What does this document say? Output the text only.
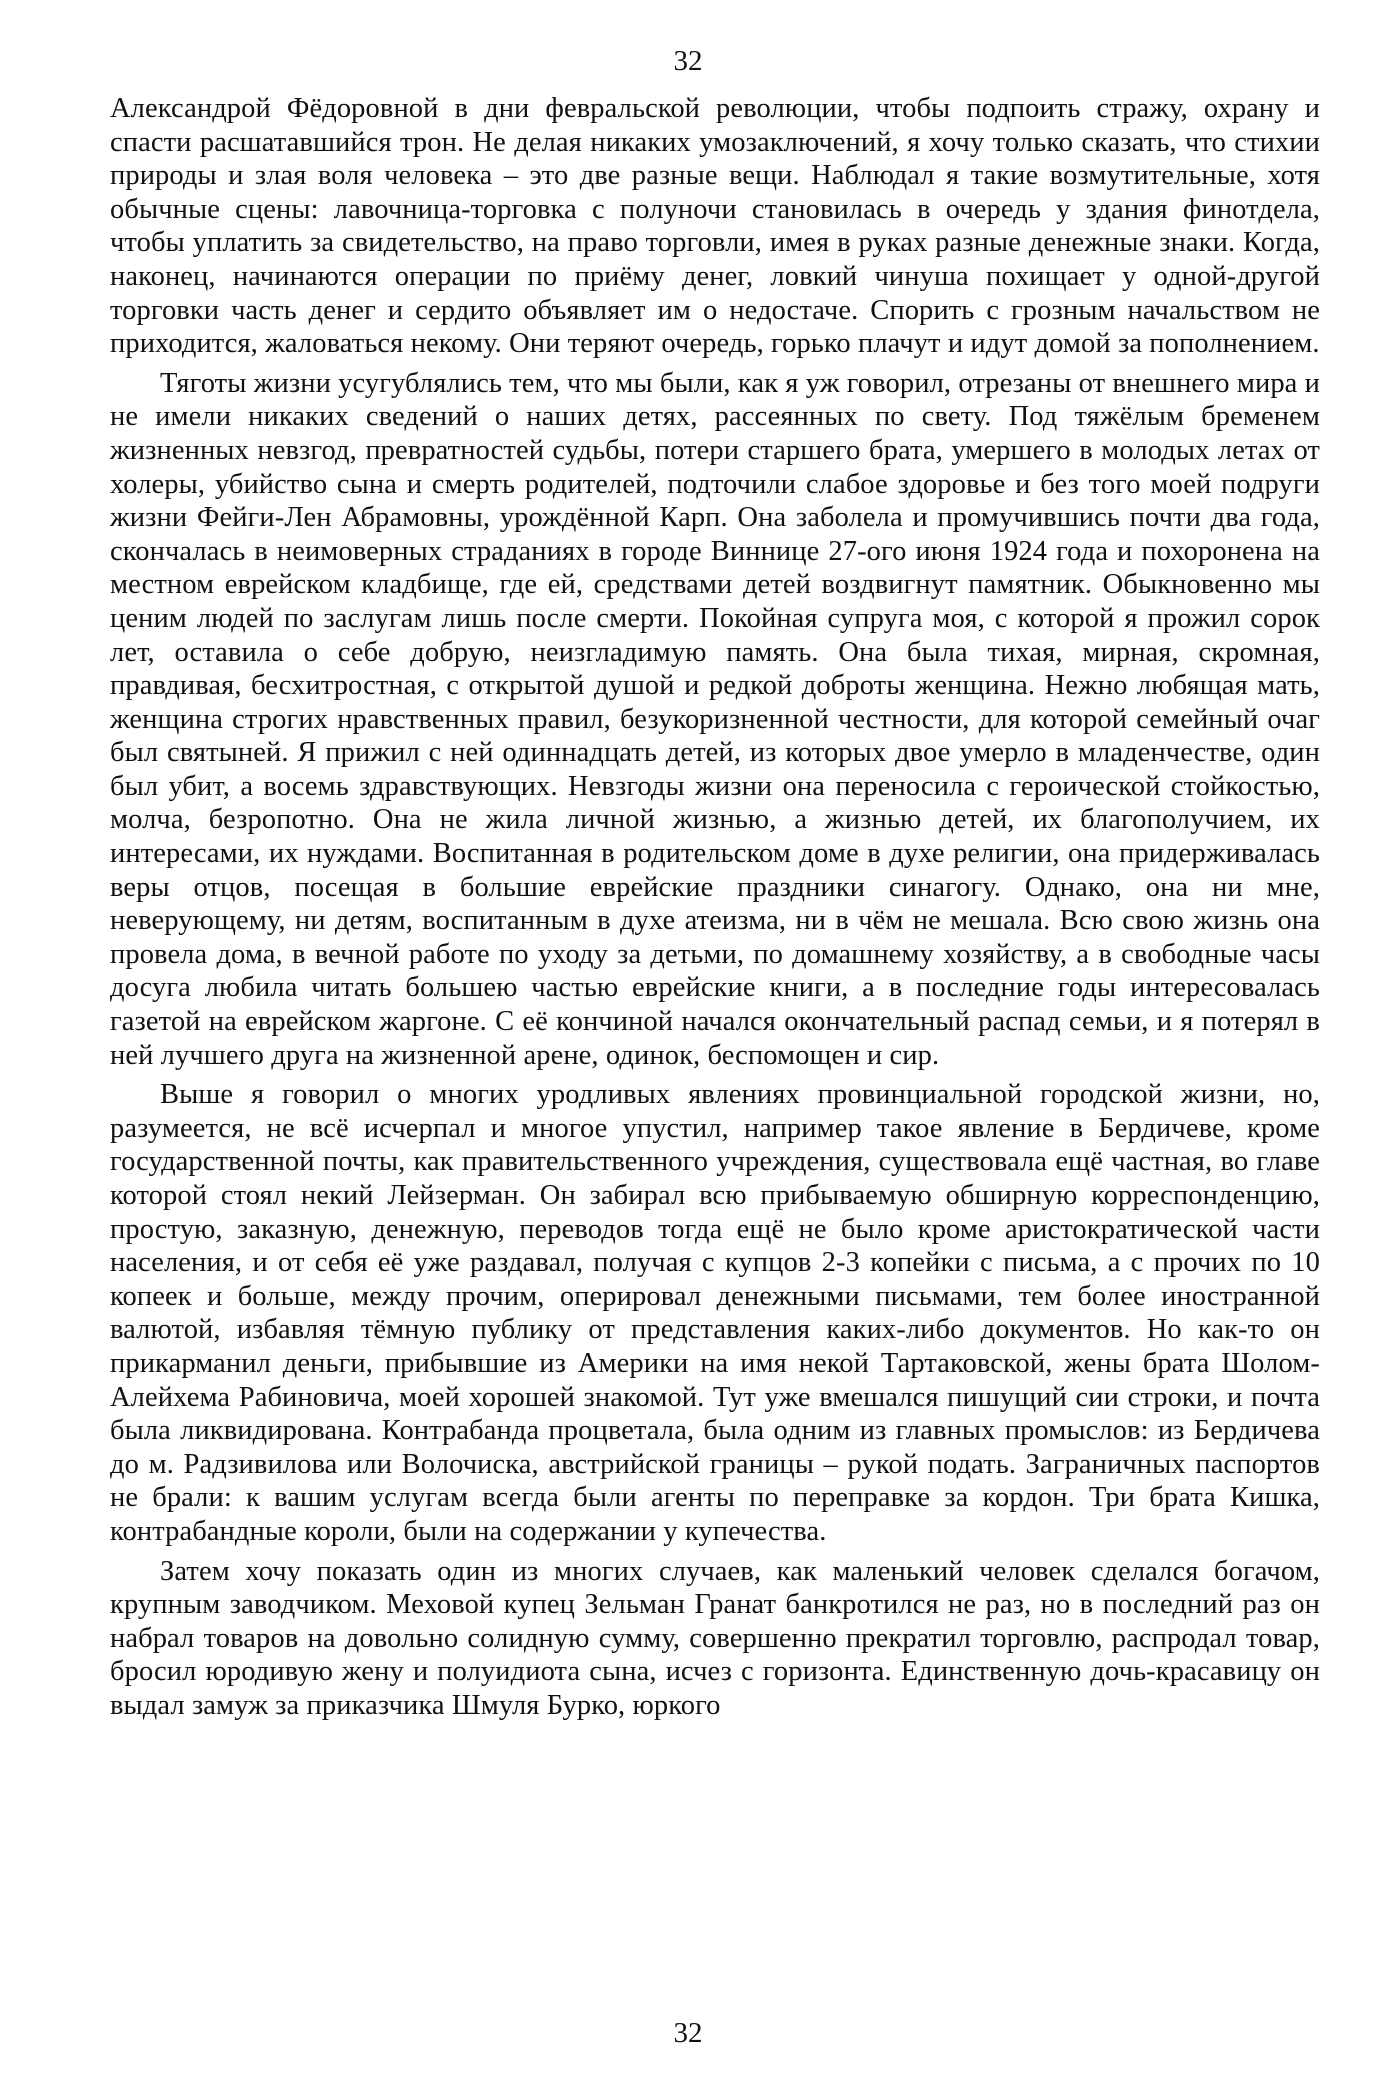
32

Александрой Фёдоровной в дни февральской революции, чтобы подпоить стражу, охрану и спасти расшатавшийся трон. Не делая никаких умозаключений, я хочу только сказать, что стихии природы и злая воля человека – это две разные вещи. Наблюдал я такие возмутительные, хотя обычные сцены: лавочница-торговка с полуночи становилась в очередь у здания финотдела, чтобы уплатить за свидетельство, на право торговли, имея в руках разные денежные знаки. Когда, наконец, начинаются операции по приёму денег, ловкий чинуша похищает у одной-другой торговки часть денег и сердито объявляет им о недостаче. Спорить с грозным начальством не приходится, жаловаться некому. Они теряют очередь, горько плачут и идут домой за пополнением.

Тяготы жизни усугублялись тем, что мы были, как я уж говорил, отрезаны от внешнего мира и не имели никаких сведений о наших детях, рассеянных по свету. Под тяжёлым бременем жизненных невзгод, превратностей судьбы, потери старшего брата, умершего в молодых летах от холеры, убийство сына и смерть родителей, подточили слабое здоровье и без того моей подруги жизни Фейги-Лен Абрамовны, урождённой Карп. Она заболела и промучившись почти два года, скончалась в неимоверных страданиях в городе Виннице 27-ого июня 1924 года и похоронена на местном еврейском кладбище, где ей, средствами детей воздвигнут памятник. Обыкновенно мы ценим людей по заслугам лишь после смерти. Покойная супруга моя, с которой я прожил сорок лет, оставила о себе добрую, неизгладимую память. Она была тихая, мирная, скромная, правдивая, бесхитростная, с открытой душой и редкой доброты женщина. Нежно любящая мать, женщина строгих нравственных правил, безукоризненной честности, для которой семейный очаг был святыней. Я прижил с ней одиннадцать детей, из которых двое умерло в младенчестве, один был убит, а восемь здравствующих. Невзгоды жизни она переносила с героической стойкостью, молча, безропотно. Она не жила личной жизнью, а жизнью детей, их благополучием, их интересами, их нуждами. Воспитанная в родительском доме в духе религии, она придерживалась веры отцов, посещая в большие еврейские праздники синагогу. Однако, она ни мне, неверующему, ни детям, воспитанным в духе атеизма, ни в чём не мешала. Всю свою жизнь она провела дома, в вечной работе по уходу за детьми, по домашнему хозяйству, а в свободные часы досуга любила читать большею частью еврейские книги, а в последние годы интересовалась газетой на еврейском жаргоне. С её кончиной начался окончательный распад семьи, и я потерял в ней лучшего друга на жизненной арене, одинок, беспомощен и сир.

Выше я говорил о многих уродливых явлениях провинциальной городской жизни, но, разумеется, не всё исчерпал и многое упустил, например такое явление в Бердичеве, кроме государственной почты, как правительственного учреждения, существовала ещё частная, во главе которой стоял некий Лейзерман. Он забирал всю прибываемую обширную корреспонденцию, простую, заказную, денежную, переводов тогда ещё не было кроме аристократической части населения, и от себя её уже раздавал, получая с купцов 2-3 копейки с письма, а с прочих по 10 копеек и больше, между прочим, оперировал денежными письмами, тем более иностранной валютой, избавляя тёмную публику от представления каких-либо документов. Но как-то он прикарманил деньги, прибывшие из Америки на имя некой Тартаковской, жены брата Шолом-Алейхема Рабиновича, моей хорошей знакомой. Тут уже вмешался пишущий сии строки, и почта была ликвидирована. Контрабанда процветала, была одним из главных промыслов: из Бердичева до м. Радзивилова или Волочиска, австрийской границы – рукой подать. Заграничных паспортов не брали: к вашим услугам всегда были агенты по переправке за кордон. Три брата Кишка, контрабандные короли, были на содержании у купечества.

Затем хочу показать один из многих случаев, как маленький человек сделался богачом, крупным заводчиком. Меховой купец Зельман Гранат банкротился не раз, но в последний раз он набрал товаров на довольно солидную сумму, совершенно прекратил торговлю, распродал товар, бросил юродивую жену и полуидиота сына, исчез с горизонта. Единственную дочь-красавицу он выдал замуж за приказчика Шмуля Бурко, юркого

32
